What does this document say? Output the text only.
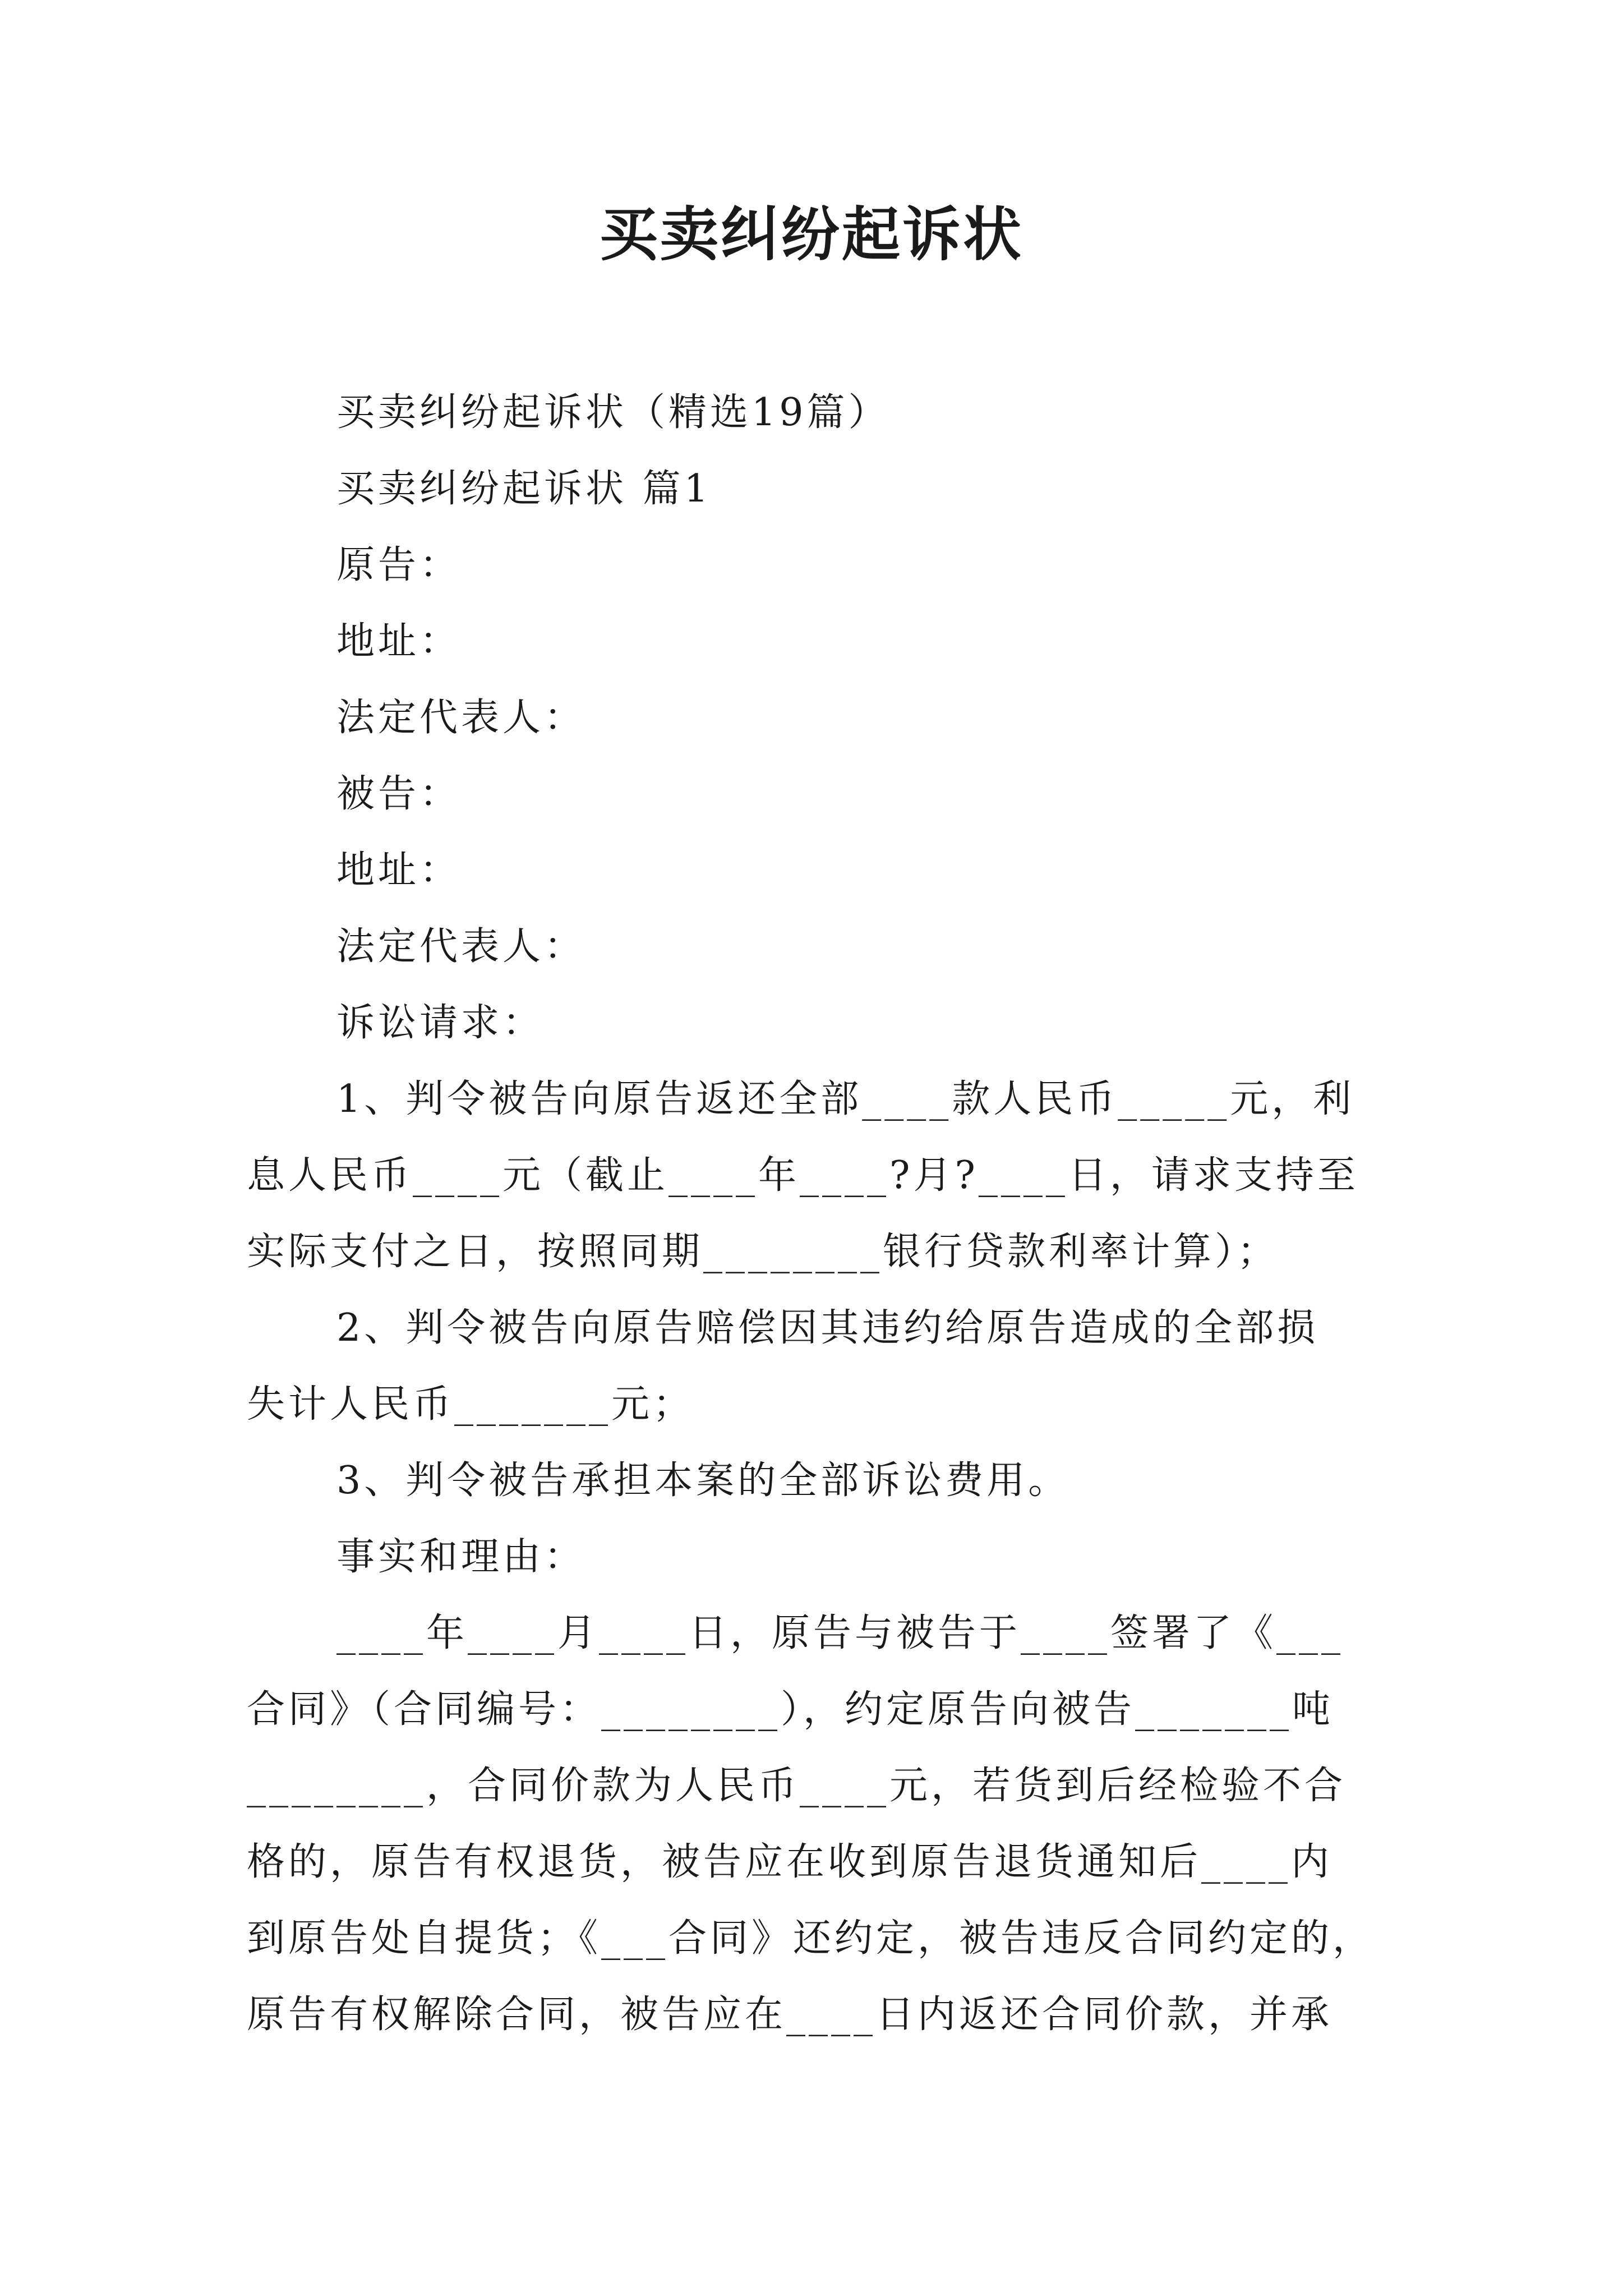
买卖纠纷起诉状
买卖纠纷起诉状（精选19篇）
买卖纠纷起诉状 篇1
原告：
地址：
法定代表人：
被告：
地址：
法定代表人：
诉讼请求：
1、判令被告向原告返还全部____款人民币_____元，利
息人民币____元（截止____年____?月?____日，请求支持至
实际支付之日，按照同期________银行贷款利率计算）；
2、判令被告向原告赔偿因其违约给原告造成的全部损
失计人民币_______元；
3、判令被告承担本案的全部诉讼费用。
事实和理由：
____年____月____日，原告与被告于____签署了《___
合同》（合同编号：________），约定原告向被告_______吨
________，合同价款为人民币____元，若货到后经检验不合
格的，原告有权退货，被告应在收到原告退货通知后____内
到原告处自提货；《___合同》还约定，被告违反合同约定的，
原告有权解除合同，被告应在____日内返还合同价款，并承
